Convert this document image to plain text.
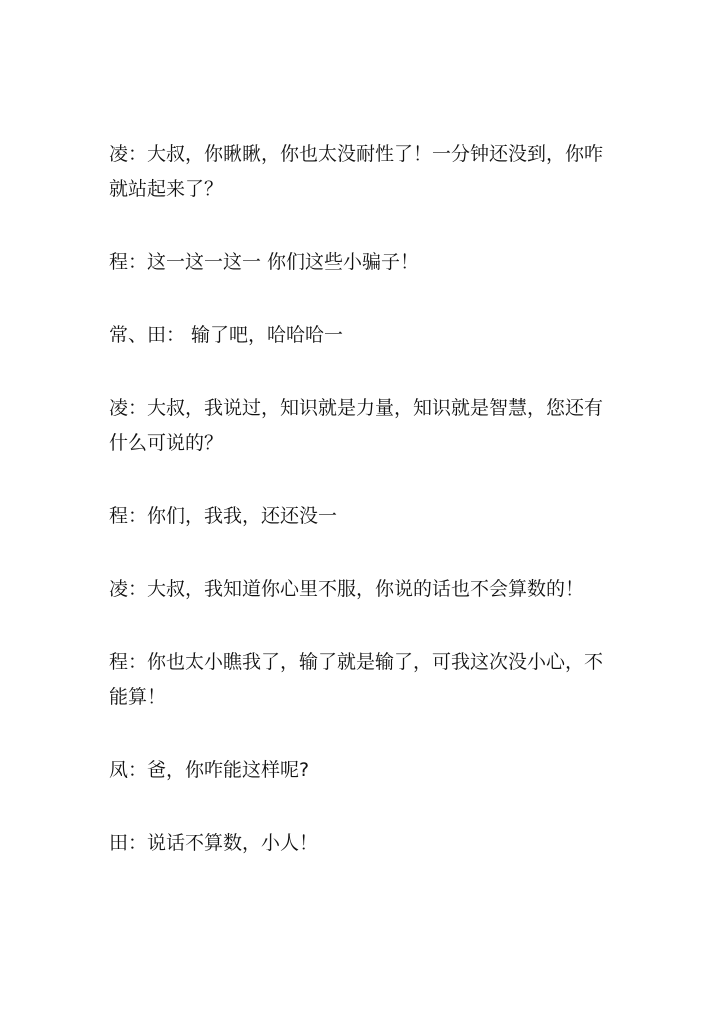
凌：大叔，你瞅瞅，你也太没耐性了！一分钟还没到，你咋就站起来了？

程：这一这一这一 你们这些小骗子！

常、田： 输了吧，哈哈哈一

凌：大叔，我说过，知识就是力量，知识就是智慧，您还有什么可说的？

程：你们，我我，还还没一

凌：大叔，我知道你心里不服，你说的话也不会算数的！

程：你也太小瞧我了，输了就是输了，可我这次没小心，不能算！

凤：爸，你咋能这样呢?

田：说话不算数，小人！
